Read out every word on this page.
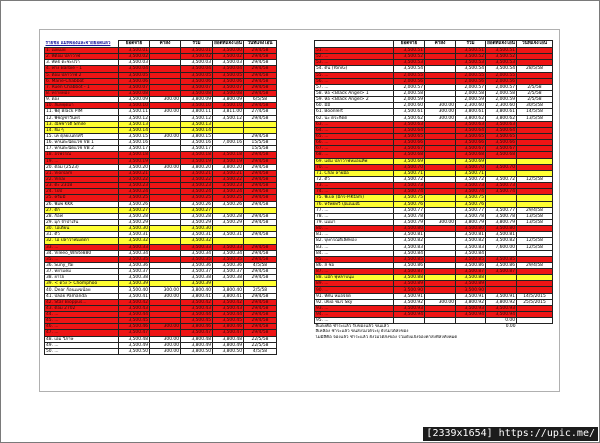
รายชื่อ แม่ที่จองและจ่ายยอดแล้ว	ยอดจ่าย	ค่าส่ง	รวม	ยอดที่แจ้งโอน	วันที่แจ้งโอน
1. เม่ยเม่ย	3,500.01		3,500.01	3,500.00	29/4/58
2. พี่ต้อม ปลาวาฬ	3,500.02		3,500.02	3,500.02	29/4/58
3. พัทธ์ ตะชะปวา	3,500.03		3,500.03	3,500.03	29/4/58
4. ฟาง Barbie - 1	3,500.04		3,500.04	3,500.04	29/4/58
5. ต้อม ปลาวาฬ 2	3,500.05		3,500.05	3,500.05	29/4/58
6. Marie-Chabbot	3,500.06		3,500.06	3,500.06	29/4/58
7. Ruen Chabbot - 1	3,500.07		3,500.07	3,500.07	29/4/58
8. ทรายทอง	3,500.08		3,500.08	3,500.08	29/4/58
9. ตอง	3,500.09	300.00	3,800.09	3,800.09	6/5/58
10. ส้มหยุดมา	3,500.10		3,500.10	3,500.10	29/4/58
11. พี่ตุ๋ Black PIM	3,500.11	300.00	3,800.11	3,811.00	27/4/58
12. พิชญ์ชาวินทร์	3,500.12		3,500.12	3,500.12	29/4/58
13. ณิชชาวดี Smile	3,500.13		3,500.13		
14. ยิ้ม ๆ	3,500.14		3,500.14		
15. เค ตุลยเนตรศรี	3,500.15	300.00	3,800.15		29/4/58
16. ทกนตะนิดแวช VB 1	3,500.16		3,500.16	7,000.16	15/5/58
17. ทกนตะนิดแวช VB 2	3,500.17		3,500.17		15/5/58
18. อรพรรณ	3,500.18		3,500.18	3,500.18	29/4/58
19. ...	3,500.19		3,500.19	3,500.19	29/4/58
20. ต้อม (2523)	3,500.20	300.00	3,800.20	3,800.20	29/4/58
21. Viorsam	3,500.21		3,500.21	3,500.21	29/4/58
22. Vinai	3,500.22		3,500.22	3,500.22	29/4/58
23. ต้ะ 2318	3,500.23		3,500.23	3,500.23	29/4/58
24. ไปป์	3,500.24		3,500.24	3,500.24	29/4/58
25. ครีมมี่	3,500.25		3,500.25	3,500.25	29/4/58
26. พิมพ KKK	3,500.26		3,500.26	3,500.26	29/4/58
27. ต๊ก	3,500.27		3,500.27		
28. ก๊อฟ	3,500.28		3,500.28	3,500.28	29/4/58
29. มุก จำปาเงิน	3,500.29		3,500.29	3,500.29	29/4/58
30. โอเดิยน	3,500.30		3,500.30		
31. ตั้ว	3,500.31		3,500.31	3,500.31	29/4/58
32. โอ ปลาวาฬเมตตา	3,500.32		3,500.32		
33. ...	3,500.33		3,500.33	3,500.33	29/4/58
34. Vileeo_White880	3,500.34		3,500.34	3,500.34	29/4/58
35. ...	3,500.35		3,500.35	3,500.35	29/4/58
36. Suny_Yai	3,500.36		3,500.36	3,500.36	4/5/58
37. ทยามคม	3,500.37		3,500.37	3,500.37	29/4/58
38. ยาใจ	3,500.38		3,500.38	3,500.38	29/4/58
39. < ดวง > Chomphoo	3,500.39		3,500.39		
40. Dear ก้อนเมฆน้อย	3,500.40	300.00	3,800.40	3,800.40	2/5/58
41. ปลอย Pamanda	3,500.41	300.00	3,800.41	3,800.41	29/4/58
42. Star Bioppus...	3,500.42		3,500.42	3,500.42	29/4/58
43. ต้อม 2702	3,500.43		3,500.43	3,500.43	29/4/58
44. ...	3,500.44		3,500.44	3,500.44	29/4/58
45. ...	3,500.45		3,500.45	3,500.45	29/4/58
46. ...	3,500.46	300.00	3,800.46	3,800.46	29/4/58
47. ...	3,500.47		3,500.47	3,500.47	29/4/58
48. เอม วิภาษ	3,500.48	300.00	3,800.48	3,800.48	22/5/58
49. ...	3,500.49	300.00	3,800.49	3,800.49	22/5/58
50. ...	3,500.50	300.00	3,800.50	3,800.50	4/5/58
	ยอดจ่าย	ค่าส่ง	รวม	ยอดที่แจ้งโอน	วันที่แจ้งโอน
51. ...	3,500.51		3,500.51	3,500.51	
52. ...	3,500.52		3,500.52	3,500.52	
53. ...	3,500.53		3,500.53	3,500.53	
54. ต้น (YoniG)	3,500.54		3,500.54	3,500.54	28/5/58
55. ...	2,000.55		2,000.55	2,000.55	
56. ...	2,000.56		2,000.56	2,000.56	
57. ...	2,000.57		2,000.57	2,000.57	2/5/58
58. ห้อ <Black Angel> 1	2,000.58		2,000.58	2,000.58	2/5/58
59. ห้อ <Black Angel> 2	2,000.59		2,000.59	2,000.59	2/5/58
60. มิมิ	2,000.60	300.00	2,300.60	2,300.60	30/5/58
61. Boonlert	3,500.61	300.00	3,800.61	3,800.61	14/5/58
62. นะ ตระกิตต	3,500.62	300.00	3,800.62	3,800.62	13/5/58
63. ...	3,500.63		3,500.63	3,500.63	
64. ...	3,500.64		3,500.64	3,500.64	
65. ...	3,500.65		3,500.65	3,500.65	
66. ...	3,500.66		3,500.66	3,500.66	
67. ...	3,500.67		3,500.67	3,500.67	
68. ...	3,500.68		3,500.68	3,500.68	
69. แต๋ม ปลาวาฬหมอนทิพ	3,500.69		3,500.69		
70. ...	3,500.70		3,500.70	3,500.70	
71. Chai ลายมือ	3,500.71		3,500.71		
72. ตั้ว	3,500.72		3,500.72	3,500.72	12/5/58
73. ...	3,500.73		3,500.73	3,500.73	
74. ...	3,500.74		3,500.74	3,500.74	
75. พีเบล (มีกร-PiKtam)	3,500.75		3,500.75		
76. ทรัพย์ทวี ปุณณมณี	3,500.76		3,500.76		
77. ...	3,500.77		3,500.77	3,500.77	29/4/58
78. ...	3,500.78		3,500.78	3,500.78	13/5/58
79. แม่ม่า	3,500.79	300.00	3,800.79	3,800.79	13/5/58
80. ...	3,500.80		3,500.80	3,500.80	
81. ...	3,500.81		3,500.81	3,500.81	
82. บุษกรณ์ดีเลิศทอง	3,500.82		3,500.82	3,500.82	12/5/58
83. ...	3,500.83		3,500.83	7,600.00	12/5/58
84. ...	3,500.84		3,500.84		
85. ...	3,500.85		3,500.85	3,500.85	
86. ส ชอ	3,500.86		3,500.86	3,500.86	29/4/58
87. ...	3,500.87		3,500.87	3,500.87	
88. แม๊ก ฟุหลาบนุ่ม	3,500.88		3,500.88		
89. ...	3,500.89		3,500.89		
90. ...	3,500.90		3,500.90		
91. ทัศน หมอจจต	3,500.91		3,500.91	3,500.91	14/5/2015
92. เพิ่งอ ชมร Sky	3,500.92	300.00	3,800.92	3,800.92	25/5/2015
93. ...	3,500.93		3,500.93	3,500.93	
94. ...	3,500.94		3,500.94	3,500.94	
95. ...				0.00	
สีแดงคือ ชำระแล้ว รับของแล้ว ขนแล้ว				0.00	
สีเหลือง ชำระแล้ว ขนส่งไม่ได้ระบุ ยังไม่ได้ส่งของ					
ไม่มีสีคือ จองแล้ว ชำระแล้ว ยังไม่ได้ส่งของ รวมยังแจ้งจองค่าส่งที่ส่งทั้งหมด					
[2339x1654] https://upic.me/
